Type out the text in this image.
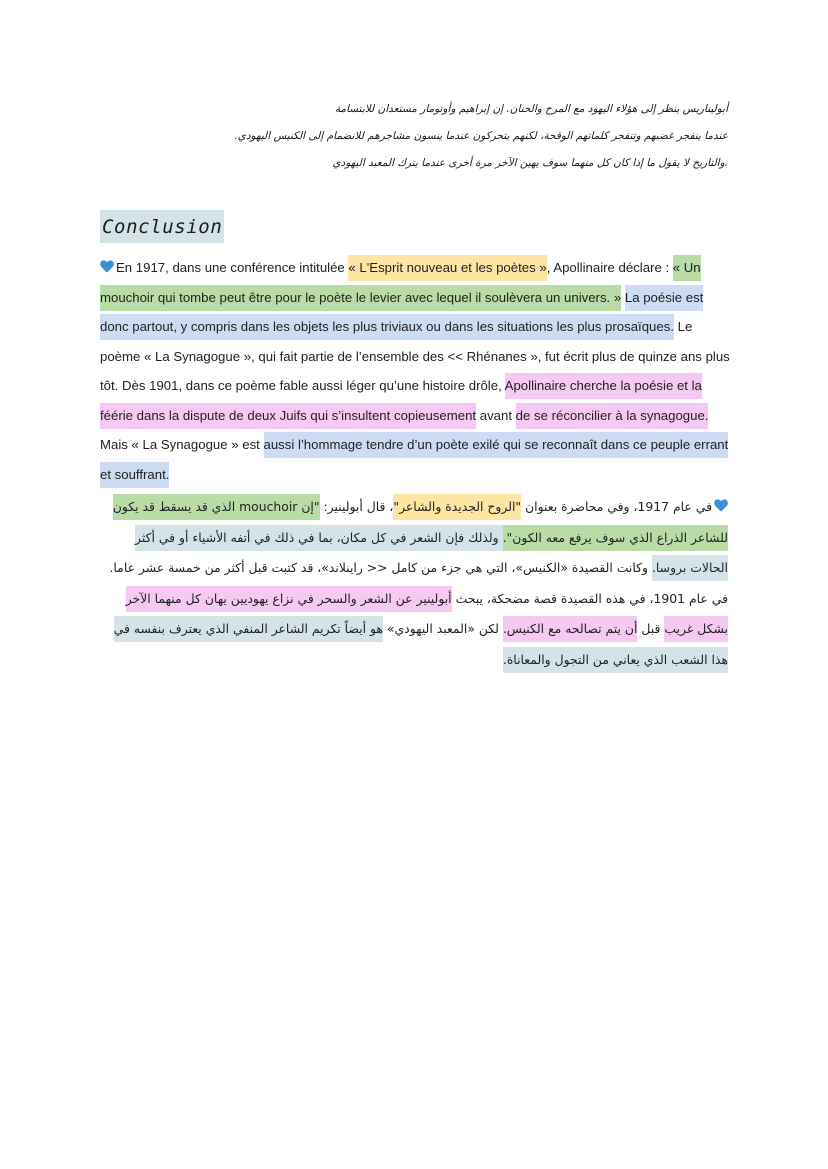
أبوليناريس ينظر إلى هؤلاء اليهود مع المرح والحنان. إن إبراهيم وأوتومار مستعدان للابتسامة

عندما ينفجر غضبهم وتنفجر كلماتهم الوقحة، لكنهم يتحركون عندما ينسون مشاجرهم للانضمام إلى الكنيس اليهودي.

.والتاريخ لا يقول ما إذا كان كل منهما سوف يهين الآخر مرة أخرى عندما يترك المعبد اليهودي

Conclusion

En 1917, dans une conférence intitulée « L'Esprit nouveau et les poètes », Apollinaire déclare : « Un mouchoir qui tombe peut être pour le poète le levier avec lequel il soulèvera un univers. » La poésie est donc partout, y compris dans les objets les plus triviaux ou dans les situations les plus prosaïques. Le poème « La Synagogue », qui fait partie de l’ensemble des << Rhénanes », fut écrit plus de quinze ans plus tôt. Dès 1901, dans ce poème fable aussi léger qu’une histoire drôle, Apollinaire cherche la poésie et la féérie dans la dispute de deux Juifs qui s’insultent copieusement avant de se réconcilier à la synagogue. Mais « La Synagogue » est aussi l’hommage tendre d’un poète exilé qui se reconnaît dans ce peuple errant et souffrant.

في عام 1917، وفي محاضرة بعنوان "الروح الجديدة والشاعر"، قال أبولينير: "إن mouchoir الذي قد يسقط قد يكون للشاعر الذراع الذي سوف يرفع معه الكون". ولذلك فإن الشعر في كل مكان، بما في ذلك في أتفه الأشياء أو في أكثر الحالات بروسا. وكانت القصيدة «الكنيس»، التي هي جزء من كامل << راينلاند»، قد كتبت قبل أكثر من خمسة عشر عاما. في عام 1901، في هذه القصيدة قصة مضحكة، يبحث أبولينير عن الشعر والسحر في نزاع يهوديين يهان كل منهما الآخر بشكل غريب قبل أن يتم تصالحه مع الكنيس. لكن «المعبد اليهودي» هو أيضاً تكريم الشاعر المنفي الذي يعترف بنفسه في هذا الشعب الذي يعاني من التجول والمعاناة.
